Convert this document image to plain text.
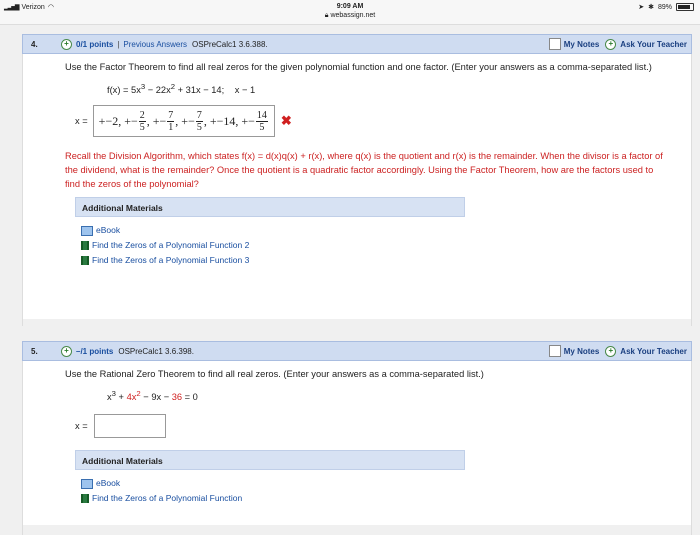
▂▃▅▇ Verizon ◠	9:09 AM
🔒︎ webassign.net
➤ ✱ 89%
4.	+ 0/1 points | Previous Answers OSPreCalc1 3.6.388.	My Notes	+ Ask Your Teacher
Use the Factor Theorem to find all real zeros for the given polynomial function and one factor. (Enter your answers as a comma-separated list.)
$f(x) = 5x^3 - 22x^2 + 31x - 14$; x − 1
x = +−2, +− $\frac{2}{5}$ , +− $\frac{7}{1}$ , +− $\frac{7}{5}$ , +−14, +− $\frac{14}{5}$ ✖
Recall the Division Algorithm, which states f(x) = d(x)q(x) + r(x), where q(x) is the quotient and r(x) is the remainder. When the divisor is a factor of the dividend, what is the remainder? Once the quotient is a quadratic factor accordingly. Using the Factor Theorem, how are the factors used to find the zeros of the polynomial?
Additional Materials
eBook
Find the Zeros of a Polynomial Function 2
Find the Zeros of a Polynomial Function 3
5.	+ –/1 points OSPreCalc1 3.6.398.	My Notes	+ Ask Your Teacher
Use the Rational Zero Theorem to find all real zeros. (Enter your answers as a comma-separated list.)
$x^3 + 4x^2 - 9x - 36 = 0$
x =
Additional Materials
eBook
Find the Zeros of a Polynomial Function
